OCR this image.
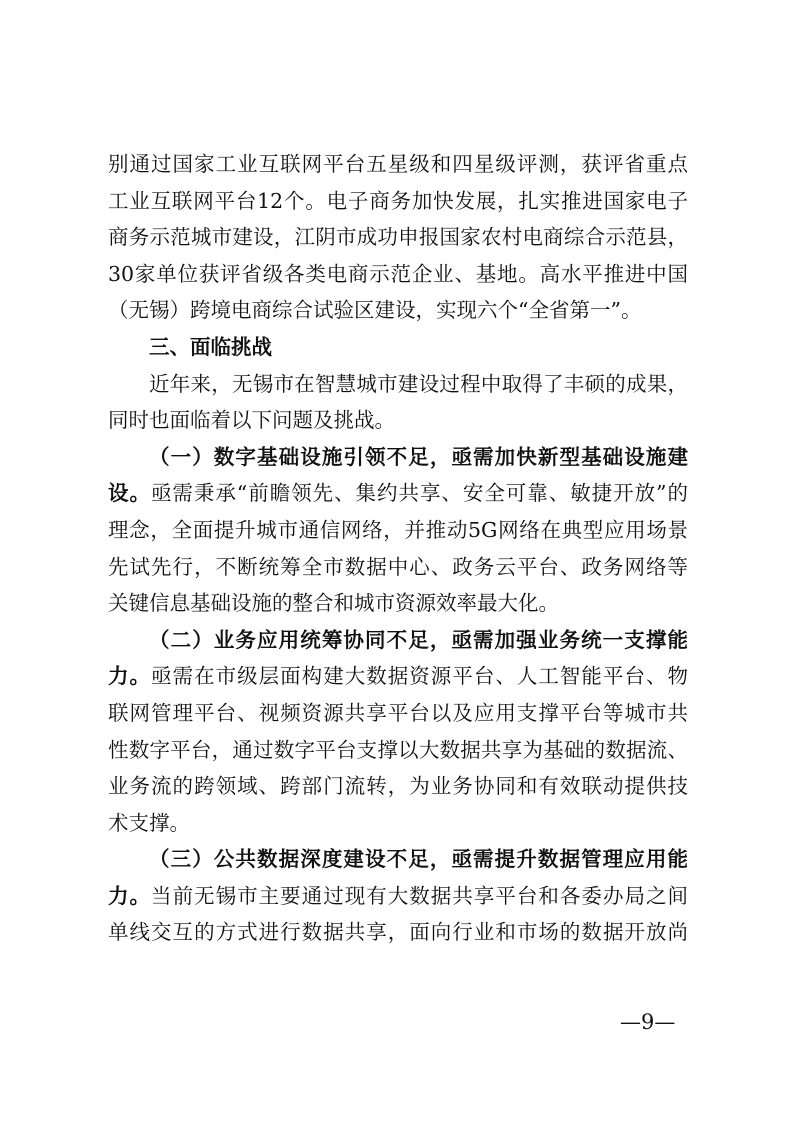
别通过国家工业互联网平台五星级和四星级评测，获评省重点
工业互联网平台12个。电子商务加快发展，扎实推进国家电子
商务示范城市建设，江阴市成功申报国家农村电商综合示范县，
30家单位获评省级各类电商示范企业、基地。高水平推进中国
（无锡）跨境电商综合试验区建设，实现六个“全省第一”。
三、面临挑战
近年来，无锡市在智慧城市建设过程中取得了丰硕的成果，
同时也面临着以下问题及挑战。
（一）数字基础设施引领不足，亟需加快新型基础设施建
设。亟需秉承“前瞻领先、集约共享、安全可靠、敏捷开放”的
理念，全面提升城市通信网络，并推动5G网络在典型应用场景
先试先行，不断统筹全市数据中心、政务云平台、政务网络等
关键信息基础设施的整合和城市资源效率最大化。
（二）业务应用统筹协同不足，亟需加强业务统一支撑能
力。亟需在市级层面构建大数据资源平台、人工智能平台、物
联网管理平台、视频资源共享平台以及应用支撑平台等城市共
性数字平台，通过数字平台支撑以大数据共享为基础的数据流、
业务流的跨领域、跨部门流转，为业务协同和有效联动提供技
术支撑。
（三）公共数据深度建设不足，亟需提升数据管理应用能
力。当前无锡市主要通过现有大数据共享平台和各委办局之间
单线交互的方式进行数据共享，面向行业和市场的数据开放尚
—9—
